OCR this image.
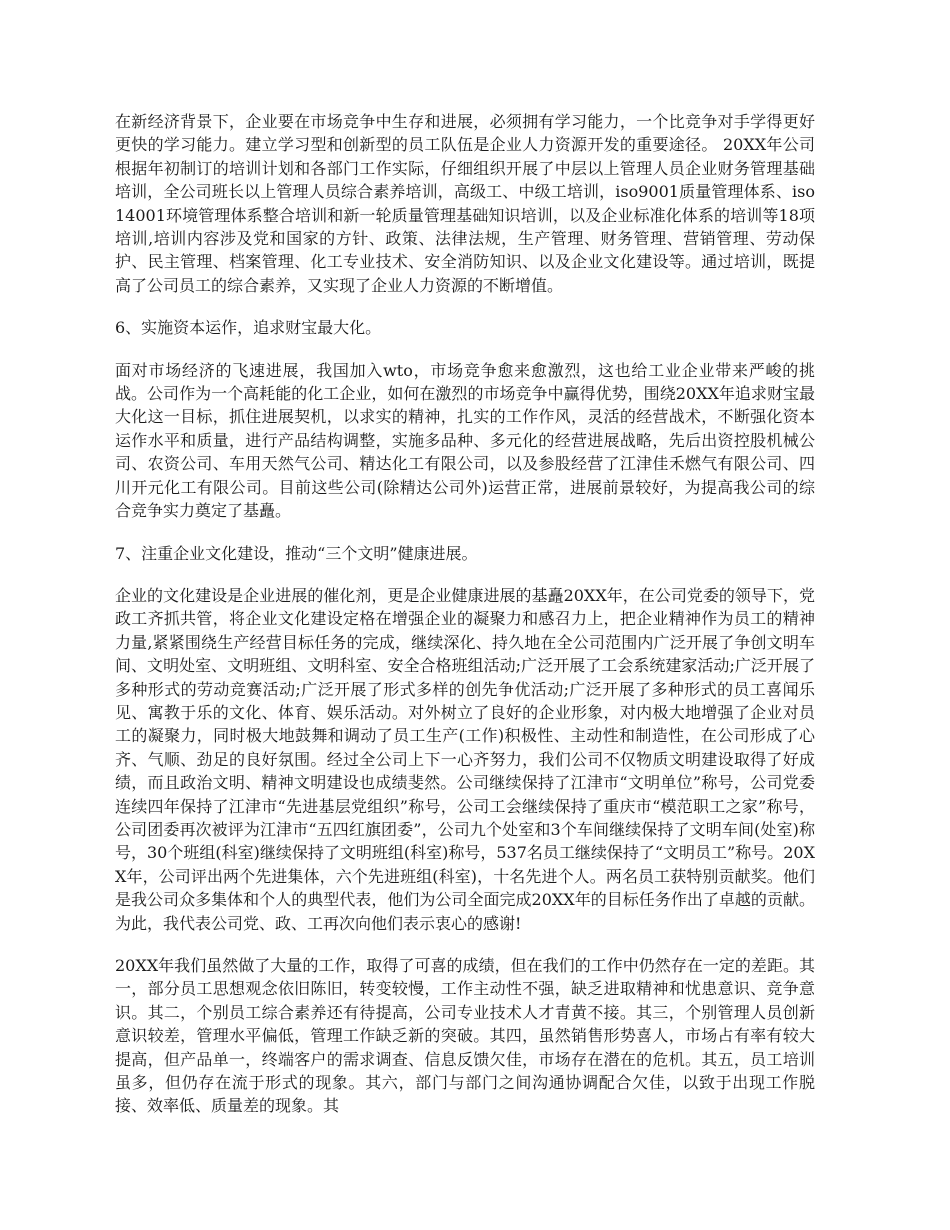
在新经济背景下，企业要在市场竞争中生存和进展，必须拥有学习能力，一个比竞争对手学得更好更快的学习能力。建立学习型和创新型的员工队伍是企业人力资源开发的重要途径。 20XX年公司根据年初制订的培训计划和各部门工作实际，仔细组织开展了中层以上管理人员企业财务管理基础培训，全公司班长以上管理人员综合素养培训，高级工、中级工培训，iso9001质量管理体系、iso14001环境管理体系整合培训和新一轮质量管理基础知识培训，以及企业标准化体系的培训等18项培训,培训内容涉及党和国家的方针、政策、法律法规，生产管理、财务管理、营销管理、劳动保护、民主管理、档案管理、化工专业技术、安全消防知识、以及企业文化建设等。通过培训，既提高了公司员工的综合素养，又实现了企业人力资源的不断增值。

6、实施资本运作，追求财宝最大化。

面对市场经济的飞速进展，我国加入wto，市场竞争愈来愈激烈，这也给工业企业带来严峻的挑战。公司作为一个高耗能的化工企业，如何在激烈的市场竞争中赢得优势，围绕20XX年追求财宝最大化这一目标，抓住进展契机，以求实的精神，扎实的工作作风，灵活的经营战术，不断强化资本运作水平和质量，进行产品结构调整，实施多品种、多元化的经营进展战略，先后出资控股机械公司、农资公司、车用天然气公司、精达化工有限公司，以及参股经营了江津佳禾燃气有限公司、四川开元化工有限公司。目前这些公司(除精达公司外)运营正常，进展前景较好，为提高我公司的综合竞争实力奠定了基矗。

7、注重企业文化建设，推动“三个文明”健康进展。

企业的文化建设是企业进展的催化剂，更是企业健康进展的基矗20XX年，在公司党委的领导下，党政工齐抓共管，将企业文化建设定格在增强企业的凝聚力和感召力上，把企业精神作为员工的精神力量,紧紧围绕生产经营目标任务的完成，继续深化、持久地在全公司范围内广泛开展了争创文明车间、文明处室、文明班组、文明科室、安全合格班组活动;广泛开展了工会系统建家活动;广泛开展了多种形式的劳动竞赛活动;广泛开展了形式多样的创先争优活动;广泛开展了多种形式的员工喜闻乐见、寓教于乐的文化、体育、娱乐活动。对外树立了良好的企业形象，对内极大地增强了企业对员工的凝聚力，同时极大地鼓舞和调动了员工生产(工作)积极性、主动性和制造性，在公司形成了心齐、气顺、劲足的良好氛围。经过全公司上下一心齐努力，我们公司不仅物质文明建设取得了好成绩，而且政治文明、精神文明建设也成绩斐然。公司继续保持了江津市“文明单位”称号，公司党委连续四年保持了江津市“先进基层党组织”称号，公司工会继续保持了重庆市“模范职工之家”称号，公司团委再次被评为江津市“五四红旗团委”，公司九个处室和3个车间继续保持了文明车间(处室)称号，30个班组(科室)继续保持了文明班组(科室)称号，537名员工继续保持了“文明员工”称号。20XX年，公司评出两个先进集体，六个先进班组(科室)，十名先进个人。两名员工获特别贡献奖。他们是我公司众多集体和个人的典型代表，他们为公司全面完成20XX年的目标任务作出了卓越的贡献。为此，我代表公司党、政、工再次向他们表示衷心的感谢!

20XX年我们虽然做了大量的工作，取得了可喜的成绩，但在我们的工作中仍然存在一定的差距。其一，部分员工思想观念依旧陈旧，转变较慢，工作主动性不强，缺乏进取精神和忧患意识、竞争意识。其二，个别员工综合素养还有待提高，公司专业技术人才青黄不接。其三，个别管理人员创新意识较差，管理水平偏低，管理工作缺乏新的突破。其四，虽然销售形势喜人，市场占有率有较大提高，但产品单一，终端客户的需求调查、信息反馈欠佳，市场存在潜在的危机。其五，员工培训虽多，但仍存在流于形式的现象。其六，部门与部门之间沟通协调配合欠佳，以致于出现工作脱接、效率低、质量差的现象。其
